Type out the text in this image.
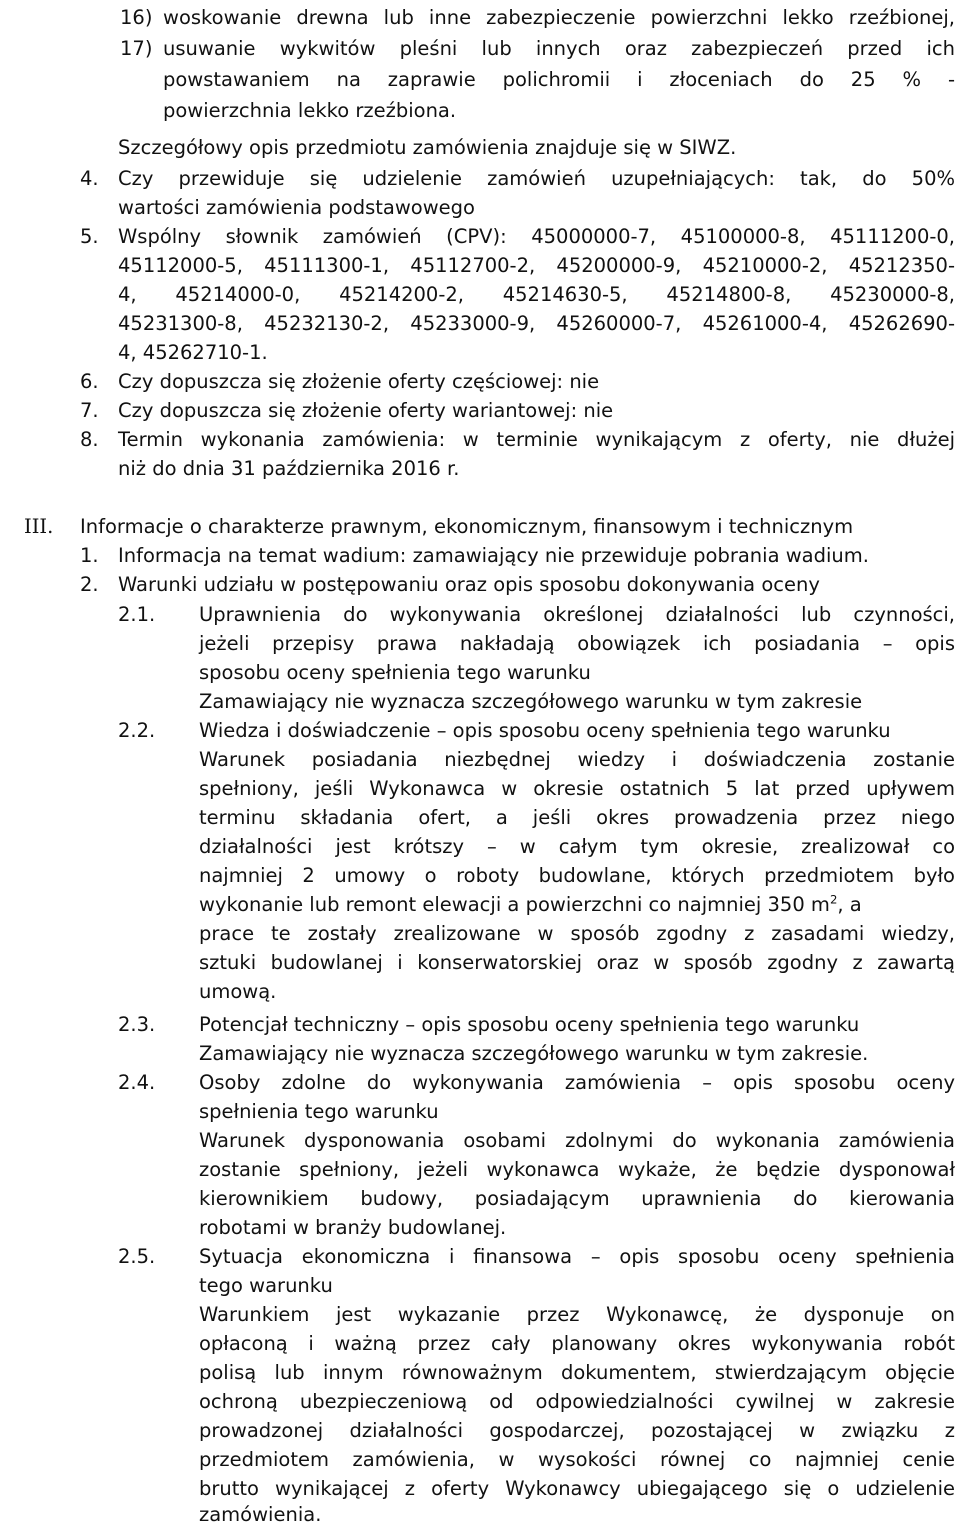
16) woskowanie drewna lub inne zabezpieczenie powierzchni lekko rzeźbionej,
17) usuwanie wykwitów pleśni lub innych oraz zabezpieczeń przed ich
powstawaniem na zaprawie polichromii i złoceniach do 25 % -
powierzchnia lekko rzeźbiona.
Szczegółowy opis przedmiotu zamówienia znajduje się w SIWZ.
4. Czy przewiduje się udzielenie zamówień uzupełniających: tak, do 50%
wartości zamówienia podstawowego
5. Wspólny słownik zamówień (CPV): 45000000-7, 45100000-8, 45111200-0,
45112000-5, 45111300-1, 45112700-2, 45200000-9, 45210000-2, 45212350-
4, 45214000-0, 45214200-2, 45214630-5, 45214800-8, 45230000-8,
45231300-8, 45232130-2, 45233000-9, 45260000-7, 45261000-4, 45262690-
4, 45262710-1.
6. Czy dopuszcza się złożenie oferty częściowej: nie
7. Czy dopuszcza się złożenie oferty wariantowej: nie
8. Termin wykonania zamówienia: w terminie wynikającym z oferty, nie dłużej
niż do dnia 31 października 2016 r.
III. Informacje o charakterze prawnym, ekonomicznym, finansowym i technicznym
1. Informacja na temat wadium: zamawiający nie przewiduje pobrania wadium.
2. Warunki udziału w postępowaniu oraz opis sposobu dokonywania oceny
2.1. Uprawnienia do wykonywania określonej działalności lub czynności,
jeżeli przepisy prawa nakładają obowiązek ich posiadania – opis
sposobu oceny spełnienia tego warunku
Zamawiający nie wyznacza szczegółowego warunku w tym zakresie
2.2. Wiedza i doświadczenie – opis sposobu oceny spełnienia tego warunku
Warunek posiadania niezbędnej wiedzy i doświadczenia zostanie
spełniony, jeśli Wykonawca w okresie ostatnich 5 lat przed upływem
terminu składania ofert, a jeśli okres prowadzenia przez niego
działalności jest krótszy – w całym tym okresie, zrealizował co
najmniej 2 umowy o roboty budowlane, których przedmiotem było
wykonanie lub remont elewacji a powierzchni co najmniej 350 $m^2$, a
prace te zostały zrealizowane w sposób zgodny z zasadami wiedzy,
sztuki budowlanej i konserwatorskiej oraz w sposób zgodny z zawartą
umową.
2.3. Potencjał techniczny – opis sposobu oceny spełnienia tego warunku
Zamawiający nie wyznacza szczegółowego warunku w tym zakresie.
2.4. Osoby zdolne do wykonywania zamówienia – opis sposobu oceny
spełnienia tego warunku
Warunek dysponowania osobami zdolnymi do wykonania zamówienia
zostanie spełniony, jeżeli wykonawca wykaże, że będzie dysponował
kierownikiem budowy, posiadającym uprawnienia do kierowania
robotami w branży budowlanej.
2.5. Sytuacja ekonomiczna i finansowa – opis sposobu oceny spełnienia
tego warunku
Warunkiem jest wykazanie przez Wykonawcę, że dysponuje on
opłaconą i ważną przez cały planowany okres wykonywania robót
polisą lub innym równoważnym dokumentem, stwierdzającym objęcie
ochroną ubezpieczeniową od odpowiedzialności cywilnej w zakresie
prowadzonej działalności gospodarczej, pozostającej w związku z
przedmiotem zamówienia, w wysokości równej co najmniej cenie
brutto wynikającej z oferty Wykonawcy ubiegającego się o udzielenie
zamówienia.
